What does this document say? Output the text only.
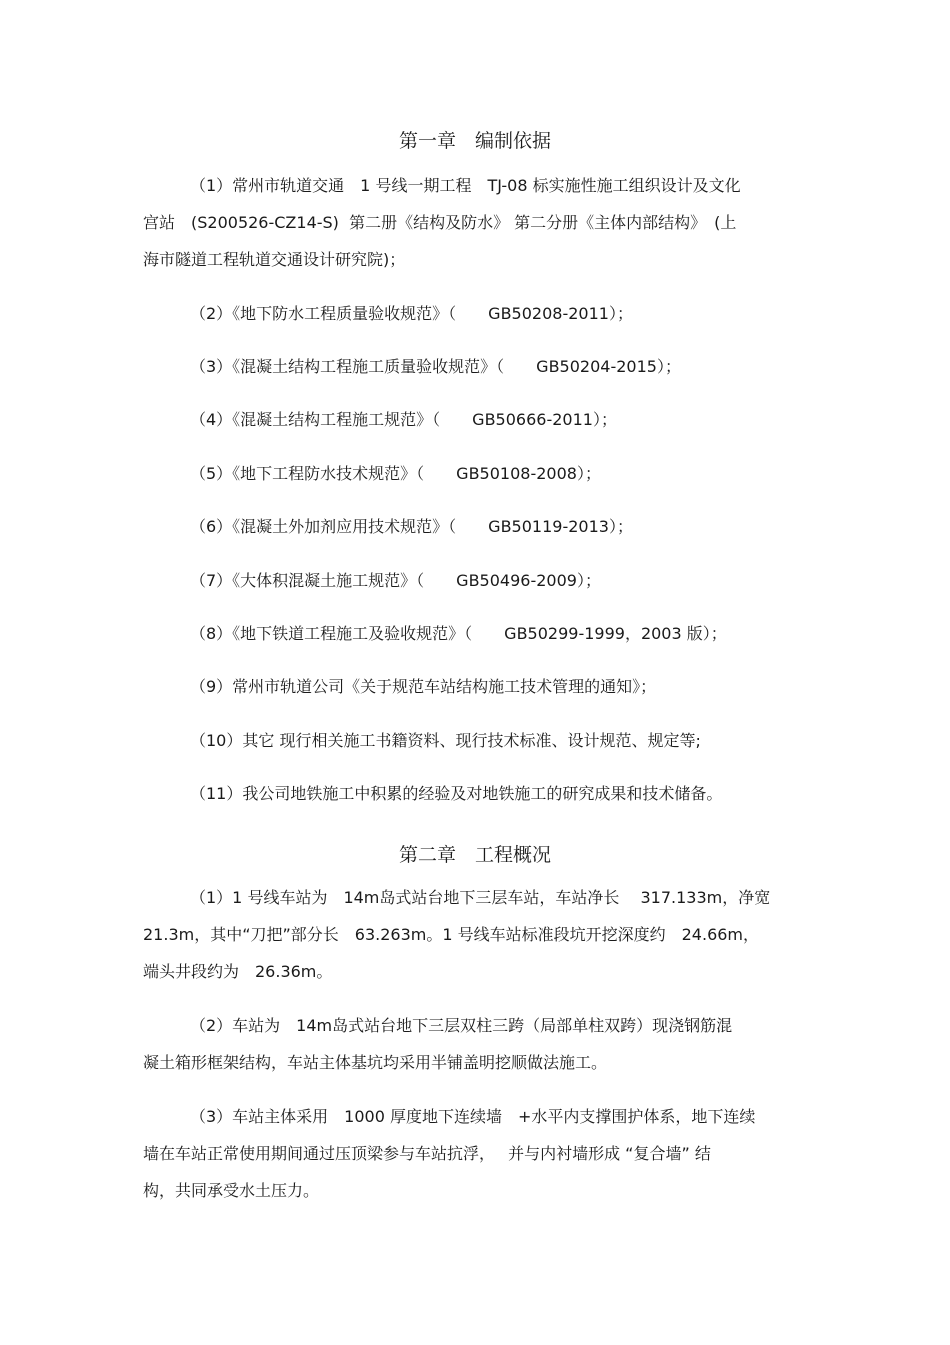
第一章　编制依据
（1）常州市轨道交通　1 号线一期工程　TJ-08 标实施性施工组织设计及文化
宫站　(S200526-CZ14-S)  第二册《结构及防水》 第二分册《主体内部结构》　(上
海市隧道工程轨道交通设计研究院)；
（2）《地下防水工程质量验收规范》（　　GB50208-2011）；
（3）《混凝土结构工程施工质量验收规范》（　　GB50204-2015）；
（4）《混凝土结构工程施工规范》（　　GB50666-2011）；
（5）《地下工程防水技术规范》（　　GB50108-2008）；
（6）《混凝土外加剂应用技术规范》（　　GB50119-2013）；
（7）《大体积混凝土施工规范》（　　GB50496-2009）；
（8）《地下铁道工程施工及验收规范》（　　GB50299-1999，2003 版）；
（9）常州市轨道公司《关于规范车站结构施工技术管理的通知》；
（10）其它 现行相关施工书籍资料、现行技术标准、设计规范、规定等;
（11）我公司地铁施工中积累的经验及对地铁施工的研究成果和技术储备。
第二章　工程概况
（1）1 号线车站为　14m岛式站台地下三层车站，车站净长　 317.133m，净宽
21.3m，其中“刀把”部分长　63.263m。1 号线车站标准段坑开挖深度约　24.66m，
端头井段约为　26.36m。
（2）车站为　14m岛式站台地下三层双柱三跨（局部单柱双跨）现浇钢筋混
凝土箱形框架结构，车站主体基坑均采用半铺盖明挖顺做法施工。
（3）车站主体采用　1000 厚度地下连续墙　+水平内支撑围护体系，地下连续
墙在车站正常使用期间通过压顶梁参与车站抗浮，　 并与内衬墙形成 “复合墙” 结
构，共同承受水土压力。
